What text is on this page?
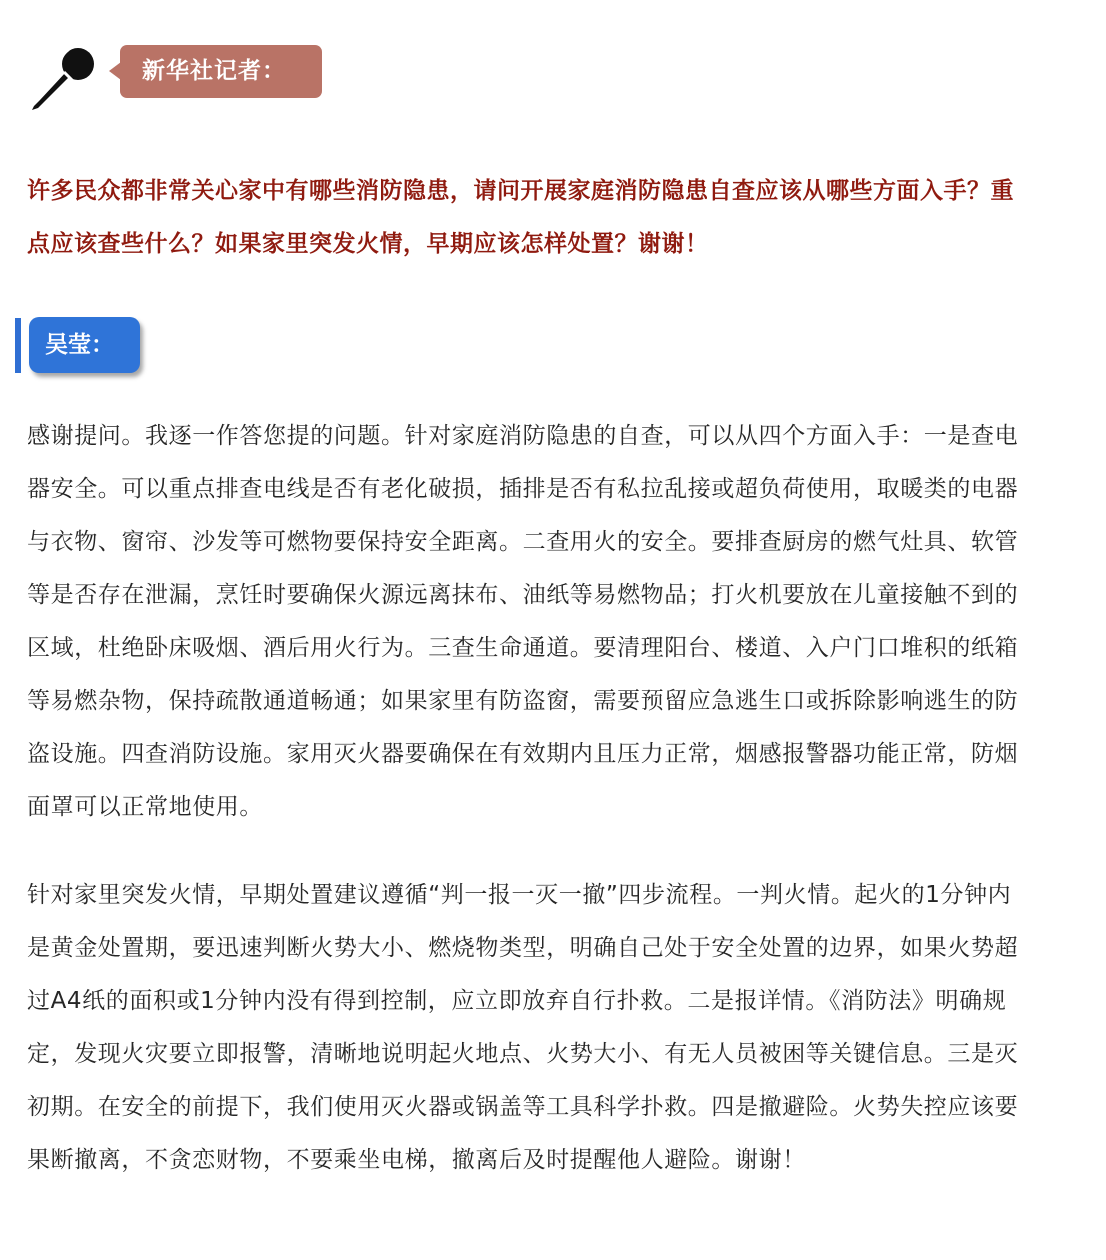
新华社记者：

许多民众都非常关心家中有哪些消防隐患，请问开展家庭消防隐患自查应该从哪些方面入手？重点应该查些什么？如果家里突发火情，早期应该怎样处置？谢谢！

吴莹：

感谢提问。我逐一作答您提的问题。针对家庭消防隐患的自查，可以从四个方面入手：一是查电器安全。可以重点排查电线是否有老化破损，插排是否有私拉乱接或超负荷使用，取暖类的电器与衣物、窗帘、沙发等可燃物要保持安全距离。二查用火的安全。要排查厨房的燃气灶具、软管等是否存在泄漏，烹饪时要确保火源远离抹布、油纸等易燃物品；打火机要放在儿童接触不到的区域，杜绝卧床吸烟、酒后用火行为。三查生命通道。要清理阳台、楼道、入户门口堆积的纸箱等易燃杂物，保持疏散通道畅通；如果家里有防盗窗，需要预留应急逃生口或拆除影响逃生的防盗设施。四查消防设施。家用灭火器要确保在有效期内且压力正常，烟感报警器功能正常，防烟面罩可以正常地使用。

针对家里突发火情，早期处置建议遵循“判一报一灭一撤”四步流程。一判火情。起火的1分钟内是黄金处置期，要迅速判断火势大小、燃烧物类型，明确自己处于安全处置的边界，如果火势超过A4纸的面积或1分钟内没有得到控制，应立即放弃自行扑救。二是报详情。《消防法》明确规定，发现火灾要立即报警，清晰地说明起火地点、火势大小、有无人员被困等关键信息。三是灭初期。在安全的前提下，我们使用灭火器或锅盖等工具科学扑救。四是撤避险。火势失控应该要果断撤离，不贪恋财物，不要乘坐电梯，撤离后及时提醒他人避险。谢谢！
